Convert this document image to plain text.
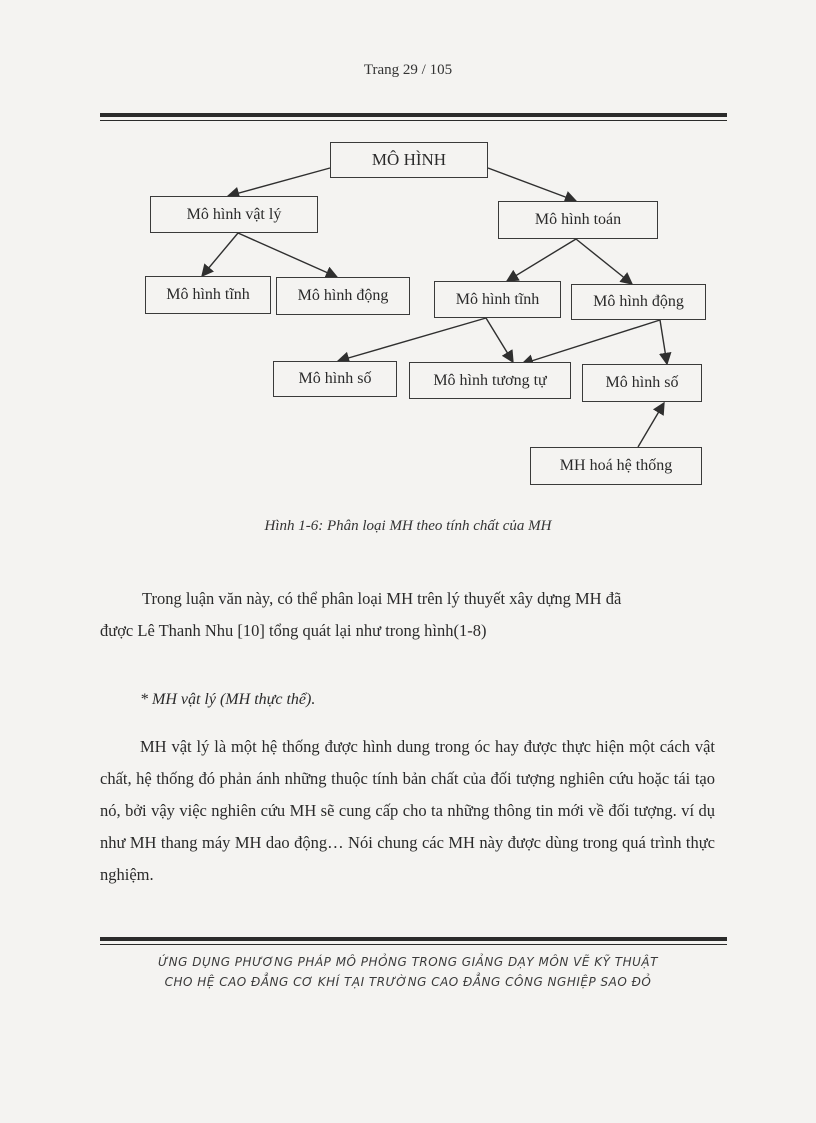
Trang 29 / 105
MÔ HÌNH
Mô hình vật lý	Mô hình toán
Mô hình tĩnh	Mô hình động	Mô hình tĩnh	Mô hình động
Mô hình số	Mô hình tương tự	Mô hình số
MH hoá hệ thống
Hình 1-6: Phân loại MH theo tính chất của MH

Trong luận văn này, có thể phân loại MH trên lý thuyết xây dựng MH đã

được Lê Thanh Nhu [10] tổng quát lại như trong hình(1-8)

* MH vật lý (MH thực thể).

MH vật lý là một hệ thống được hình dung trong óc hay được thực hiện một cách vật chất, hệ thống đó phản ánh những thuộc tính bản chất của đối tượng nghiên cứu hoặc tái tạo nó, bởi vậy việc nghiên cứu MH sẽ cung cấp cho ta những thông tin mới về đối tượng. ví dụ như MH thang máy MH dao động… Nói chung các MH này được dùng trong quá trình thực nghiệm.

ỨNG DỤNG PHƯƠNG PHÁP MÔ PHỎNG TRONG GIẢNG DẠY MÔN VẼ KỸ THUẬT
CHO HỆ CAO ĐẲNG CƠ KHÍ TẠI TRƯỜNG CAO ĐẲNG CÔNG NGHIỆP SAO ĐỎ
